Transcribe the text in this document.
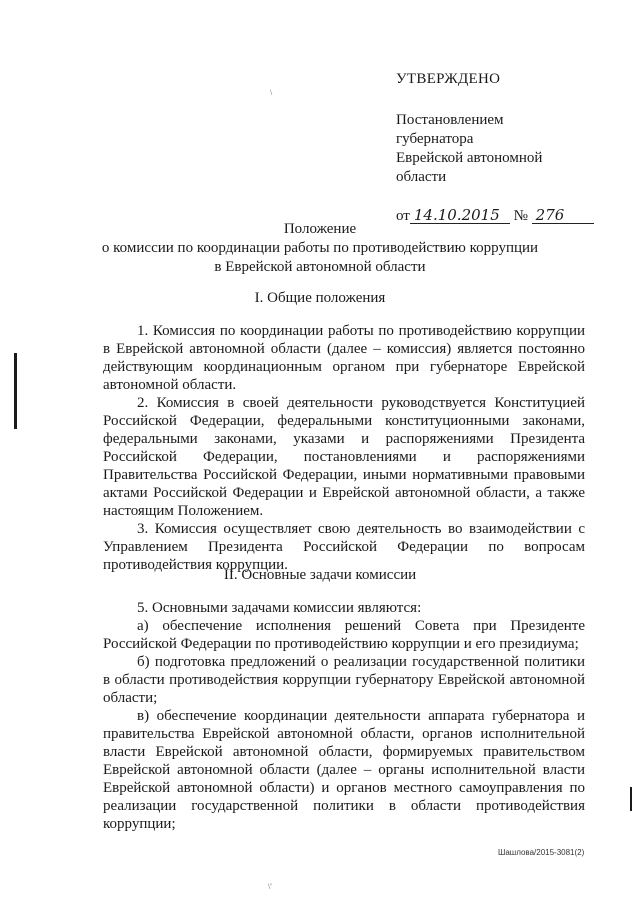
\
\'
УТВЕРЖДЕНО
Постановлением губернатора
Еврейской автономной
области
от 14.10.2015 № 276
Положение
о комиссии по координации работы по противодействию коррупции
в Еврейской автономной области
I. Общие положения

1. Комиссия по координации работы по противодействию коррупции в Еврейской автономной области (далее – комиссия) является постоянно действующим координационным органом при губернаторе Еврейской автономной области.

2. Комиссия в своей деятельности руководствуется Конституцией Российской Федерации, федеральными конституционными законами, федеральными законами, указами и распоряжениями Президента Российской Федерации, постановлениями и распоряжениями Правительства Российской Федерации, иными нормативными правовыми актами Российской Федерации и Еврейской автономной области, а также настоящим Положением.

3. Комиссия осуществляет свою деятельность во взаимодействии с Управлением Президента Российской Федерации по вопросам противодействия коррупции.

II. Основные задачи комиссии

5. Основными задачами комиссии являются:

а) обеспечение исполнения решений Совета при Президенте Российской Федерации по противодействию коррупции и его президиума;

б) подготовка предложений о реализации государственной политики в области противодействия коррупции губернатору Еврейской автономной области;

в) обеспечение координации деятельности аппарата губернатора и правительства Еврейской автономной области, органов исполнительной власти Еврейской автономной области, формируемых правительством Еврейской автономной области (далее – органы исполнительной власти Еврейской автономной области) и органов местного самоуправления по реализации государственной политики в области противодействия коррупции;

Шашлова/2015-3081(2)
